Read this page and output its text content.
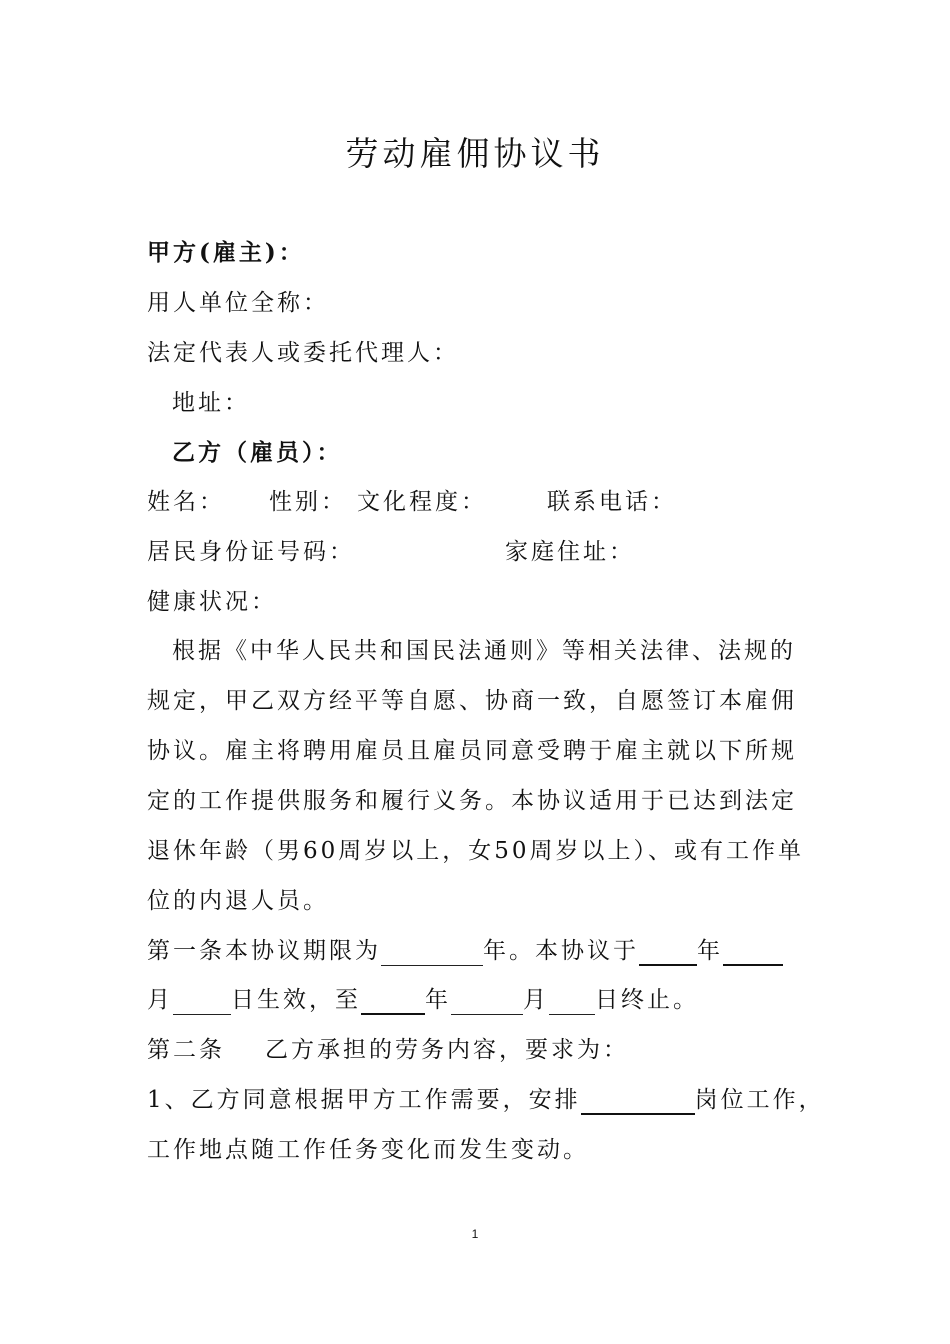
劳动雇佣协议书
甲方(雇主)：
用人单位全称：
法定代表人或委托代理人：
地址：
乙方（雇员）：
姓名： 性别： 文化程度：	联系电话：
居民身份证号码：	家庭住址：
健康状况：
根据《中华人民共和国民法通则》等相关法律、法规的
规定，甲乙双方经平等自愿、协商一致，自愿签订本雇佣
协议。雇主将聘用雇员且雇员同意受聘于雇主就以下所规
定的工作提供服务和履行义务。本协议适用于已达到法定
退休年龄（男60周岁以上，女50周岁以上）、或有工作单
位的内退人员。
第一条本协议期限为	年。本协议于	年
月	日生效，至	年	月 日终止。
第二条 乙方承担的劳务内容，要求为：
1、乙方同意根据甲方工作需要，安排	岗位工作，
工作地点随工作任务变化而发生变动。
1
